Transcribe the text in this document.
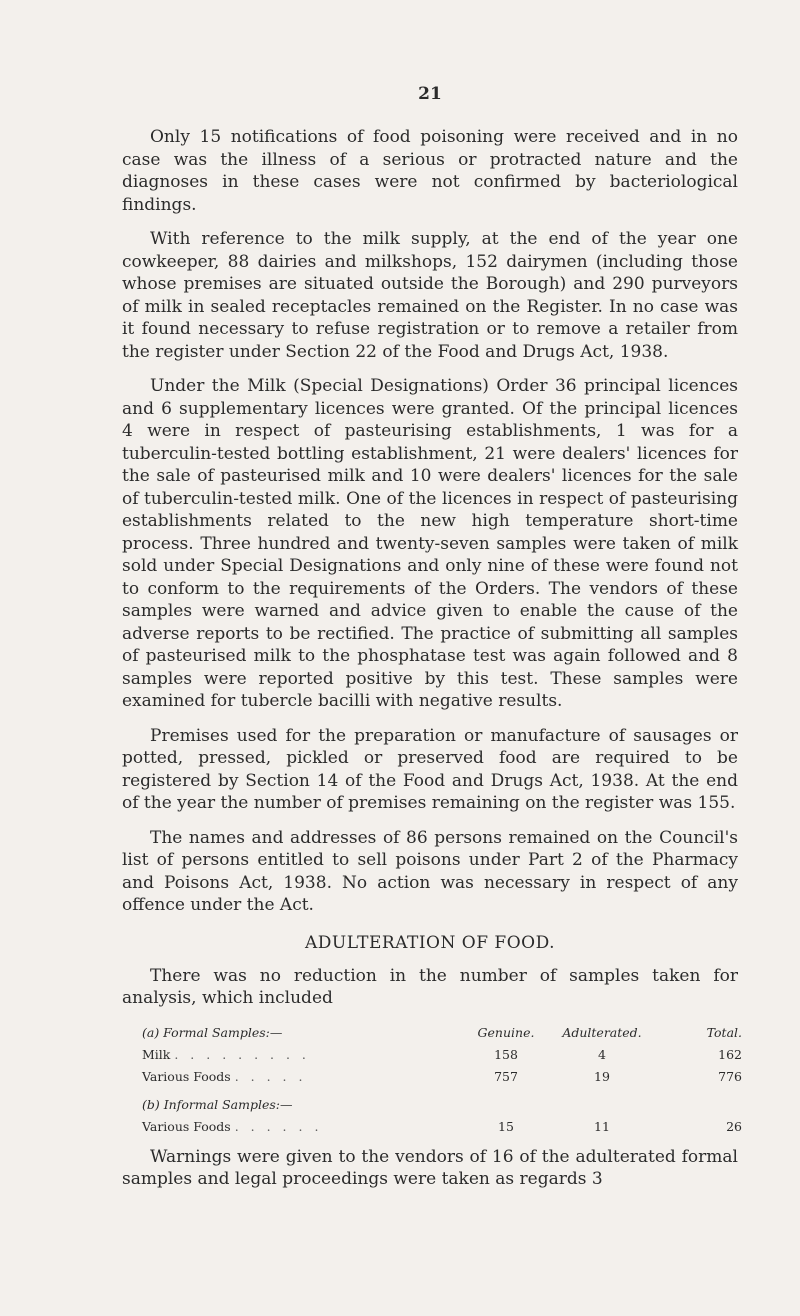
21

Only 15 notifications of food poisoning were received and in no case was the illness of a serious or protracted nature and the diagnoses in these cases were not confirmed by bacteriological findings.

With reference to the milk supply, at the end of the year one cowkeeper, 88 dairies and milkshops, 152 dairymen (including those whose premises are situated outside the Borough) and 290 purveyors of milk in sealed receptacles remained on the Register. In no case was it found necessary to refuse registration or to remove a retailer from the register under Section 22 of the Food and Drugs Act, 1938.

Under the Milk (Special Designations) Order 36 principal licences and 6 supplementary licences were granted. Of the principal licences 4 were in respect of pasteurising establishments, 1 was for a tuberculin-tested bottling establishment, 21 were dealers' licences for the sale of pasteurised milk and 10 were dealers' licences for the sale of tuberculin-tested milk. One of the licences in respect of pasteurising establishments related to the new high temperature short-time process. Three hundred and twenty-seven samples were taken of milk sold under Special Designations and only nine of these were found not to conform to the requirements of the Orders. The vendors of these samples were warned and advice given to enable the cause of the adverse reports to be rectified. The practice of submitting all samples of pasteurised milk to the phosphatase test was again followed and 8 samples were reported positive by this test. These samples were examined for tubercle bacilli with negative results.

Premises used for the preparation or manufacture of sausages or potted, pressed, pickled or preserved food are required to be registered by Section 14 of the Food and Drugs Act, 1938. At the end of the year the number of premises remaining on the register was 155.

The names and addresses of 86 persons remained on the Council's list of persons entitled to sell poisons under Part 2 of the Pharmacy and Poisons Act, 1938. No action was necessary in respect of any offence under the Act.

ADULTERATION OF FOOD.

There was no reduction in the number of samples taken for analysis, which included

(a) Formal Samples:—	Genuine.	Adulterated.	Total.
Milk . . . . . . . . .	158	4	162
Various Foods . . . . .	757	19	776
(b) Informal Samples:—			
Various Foods . . . . . .	15	11	26

Warnings were given to the vendors of 16 of the adulterated formal samples and legal proceedings were taken as regards 3
